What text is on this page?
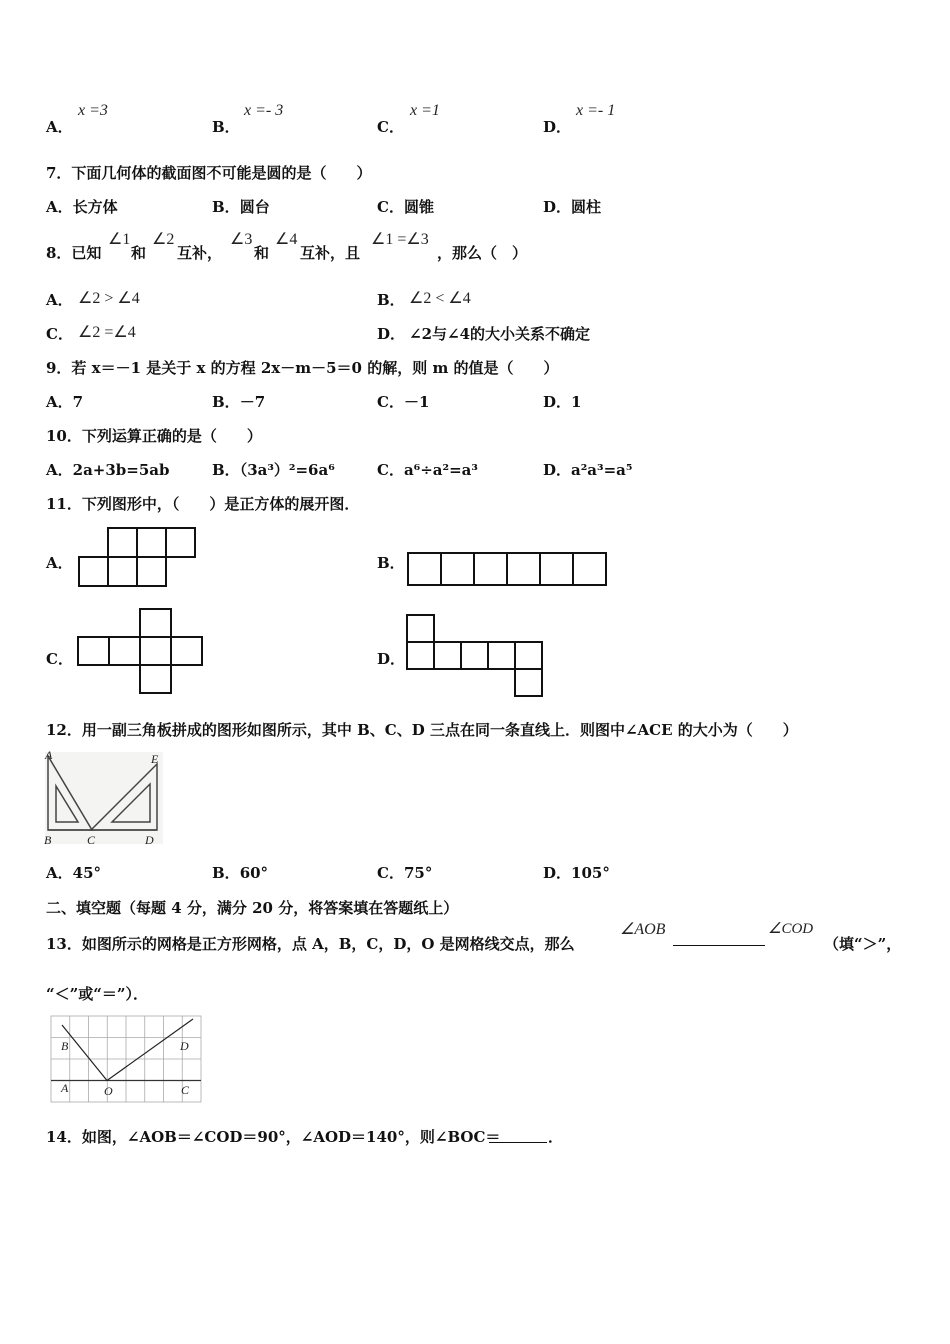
A．
x =3
B．
x =- 3
C．
x =1
D．
x =- 1
7．下面几何体的截面图不可能是圆的是（　　）
A．长方体	B．圆台	C．圆锥	D．圆柱
8．已知
∠1
和
∠2
互补，
∠3
和
∠4
互补，且
∠1 =∠3
，那么（　）
A． ∠2 > ∠4	B． ∠2 < ∠4
C． ∠2 =∠4	D． ∠2与∠4的大小关系不确定
9．若 x＝－1 是关于 x 的方程 2x－m－5＝0 的解，则 m 的值是（　　）
A．7	B．－7	C．－1	D．1
10．下列运算正确的是（　　）
A．2a+3b=5ab	B．（3a³）²=6a⁶	C．a⁶÷a²=a³	D．a²a³=a⁵
11．下列图形中，（　　）是正方体的展开图．
A．	B．
C．	D．
12．用一副三角板拼成的图形如图所示，其中 B、C、D 三点在同一条直线上．则图中∠ACE 的大小为（　　）
A	E
B	C	D
A．45°	B．60°	C．75°	D．105°
二、填空题（每题 4 分，满分 20 分，将答案填在答题纸上）
13．如图所示的网格是正方形网格，点 A，B，C，D，O 是网格线交点，那么
∠AOB	∠COD
（填“＞”，
“＜”或“＝”）．
B	D
A	O	C
14．如图，∠AOB＝∠COD＝90°，∠AOD＝140°，则∠BOC＝	．
